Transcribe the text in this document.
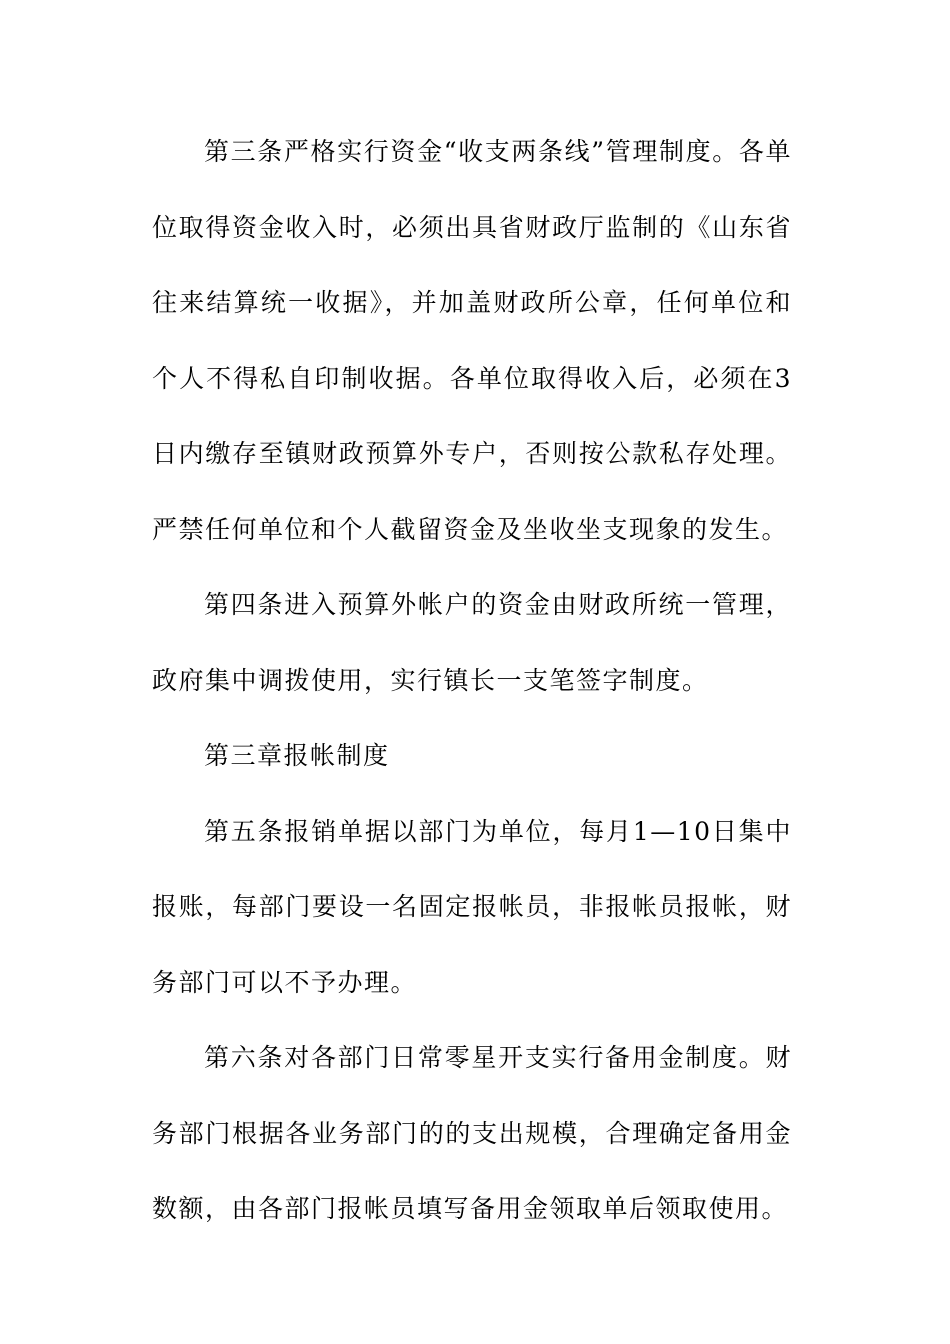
第三条严格实行资金“收支两条线”管理制度。各单位取得资金收入时，必须出具省财政厅监制的《山东省往来结算统一收据》，并加盖财政所公章，任何单位和个人不得私自印制收据。各单位取得收入后，必须在3日内缴存至镇财政预算外专户，否则按公款私存处理。严禁任何单位和个人截留资金及坐收坐支现象的发生。

第四条进入预算外帐户的资金由财政所统一管理，政府集中调拨使用，实行镇长一支笔签字制度。

第三章报帐制度

第五条报销单据以部门为单位，每月1—10日集中报账，每部门要设一名固定报帐员，非报帐员报帐，财务部门可以不予办理。

第六条对各部门日常零星开支实行备用金制度。财务部门根据各业务部门的的支出规模，合理确定备用金数额，由各部门报帐员填写备用金领取单后领取使用。
